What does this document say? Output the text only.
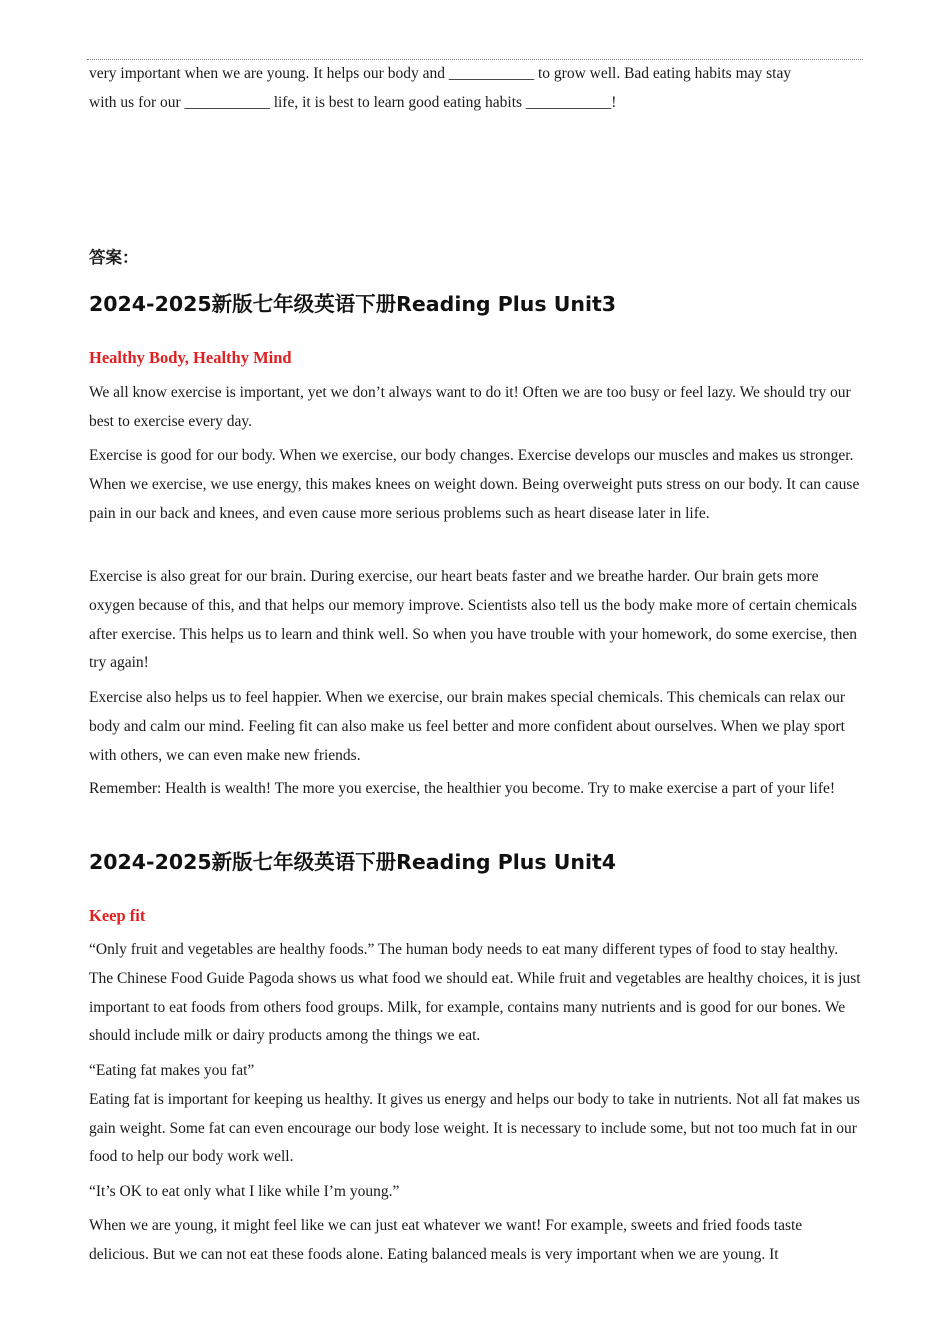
very important when we are young. It helps our body and ___________ to grow well. Bad eating habits may stay

with us for our ___________ life, it is best to learn good eating habits ___________!

答案：
2024-2025新版七年级英语下册Reading Plus Unit3
Healthy Body, Healthy Mind

We all know exercise is important, yet we don’t always want to do it! Often we are too busy or feel lazy. We should try our best to exercise every day.

Exercise is good for our body. When we exercise, our body changes. Exercise develops our muscles and makes us stronger. When we exercise, we use energy, this makes knees on weight down. Being overweight puts stress on our body. It can cause pain in our back and knees, and even cause more serious problems such as heart disease later in life.

Exercise is also great for our brain. During exercise, our heart beats faster and we breathe harder. Our brain gets more oxygen because of this, and that helps our memory improve. Scientists also tell us the body make more of certain chemicals after exercise. This helps us to learn and think well. So when you have trouble with your homework, do some exercise, then try again!

Exercise also helps us to feel happier. When we exercise, our brain makes special chemicals. This chemicals can relax our body and calm our mind. Feeling fit can also make us feel better and more confident about ourselves. When we play sport with others, we can even make new friends.

Remember: Health is wealth! The more you exercise, the healthier you become. Try to make exercise a part of your life!

2024-2025新版七年级英语下册Reading Plus Unit4
Keep fit

“Only fruit and vegetables are healthy foods.” The human body needs to eat many different types of food to stay healthy. The Chinese Food Guide Pagoda shows us what food we should eat. While fruit and vegetables are healthy choices, it is just important to eat foods from others food groups. Milk, for example, contains many nutrients and is good for our bones. We should include milk or dairy products among the things we eat.

“Eating fat makes you fat”

Eating fat is important for keeping us healthy. It gives us energy and helps our body to take in nutrients. Not all fat makes us gain weight. Some fat can even encourage our body lose weight. It is necessary to include some, but not too much fat in our food to help our body work well.

“It’s OK to eat only what I like while I’m young.”

When we are young, it might feel like we can just eat whatever we want! For example, sweets and fried foods taste delicious. But we can not eat these foods alone. Eating balanced meals is very important when we are young. It
